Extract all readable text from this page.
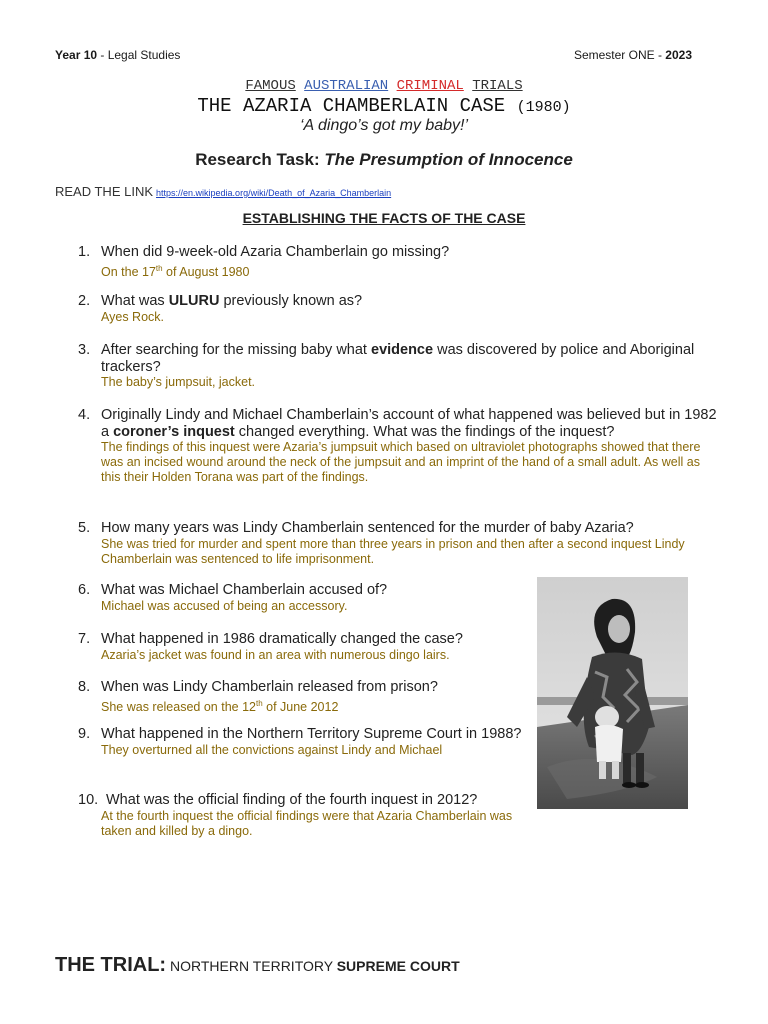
Year 10 - Legal Studies	Semester ONE - 2023
FAMOUS AUSTRALIAN CRIMINAL TRIALS
THE AZARIA CHAMBERLAIN CASE (1980)
‘A dingo’s got my baby!’
Research Task: The Presumption of Innocence
READ THE LINK https://en.wikipedia.org/wiki/Death_of_Azaria_Chamberlain
ESTABLISHING THE FACTS OF THE CASE
1. When did 9-week-old Azaria Chamberlain go missing?
On the 17th of August 1980
2. What was ULURU previously known as?
Ayes Rock.
3. After searching for the missing baby what evidence was discovered by police and Aboriginal trackers?
The baby’s jumpsuit, jacket.
4. Originally Lindy and Michael Chamberlain’s account of what happened was believed but in 1982 a coroner’s inquest changed everything. What was the findings of the inquest?
The findings of this inquest were Azaria’s jumpsuit which based on ultraviolet photographs showed that there was an incised wound around the neck of the jumpsuit and an imprint of the hand of a small adult. As well as this their Holden Torana was part of the findings.
5. How many years was Lindy Chamberlain sentenced for the murder of baby Azaria?
She was tried for murder and spent more than three years in prison and then after a second inquest Lindy Chamberlain was sentenced to life imprisonment.
6. What was Michael Chamberlain accused of?
Michael was accused of being an accessory.
7. What happened in 1986 dramatically changed the case?
Azaria’s jacket was found in an area with numerous dingo lairs.
8. When was Lindy Chamberlain released from prison?
She was released on the 12th of June 2012
9. What happened in the Northern Territory Supreme Court in 1988?
They overturned all the convictions against Lindy and Michael
10. What was the official finding of the fourth inquest in 2012?
At the fourth inquest the official findings were that Azaria Chamberlain was taken and killed by a dingo.
THE TRIAL: NORTHERN TERRITORY SUPREME COURT
